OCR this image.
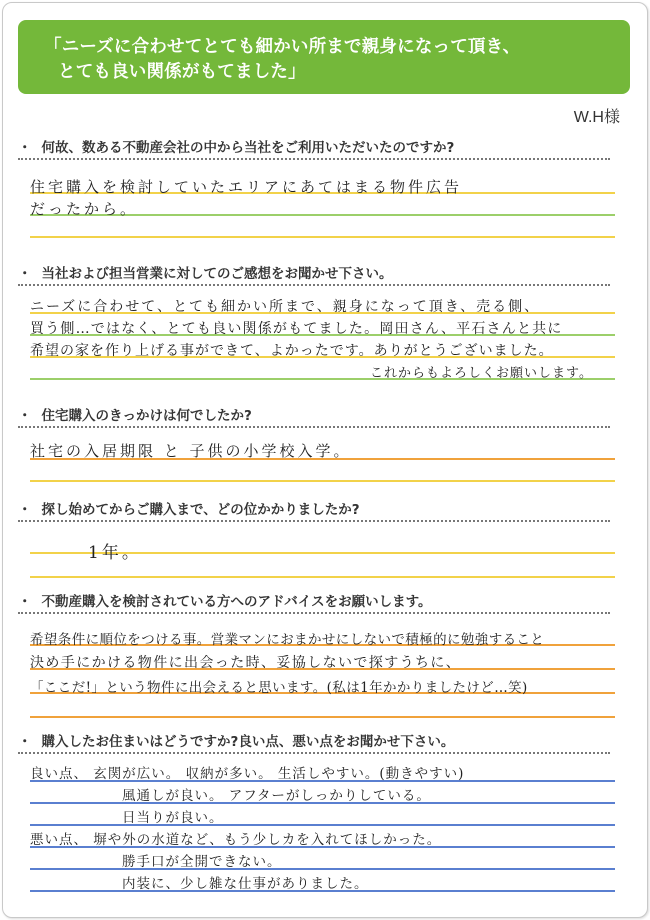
「ニーズに合わせてとても細かい所まで親身になって頂き、
とても良い関係がもてました」
W.H様
・ 何故、数ある不動産会社の中から当社をご利用いただいたのですか?
住宅購入を検討していたエリアにあてはまる物件広告
だったから。
・ 当社および担当営業に対してのご感想をお聞かせ下さい。
ニーズに合わせて、とても細かい所まで、親身になって頂き、売る側、
買う側…ではなく、とても良い関係がもてました。岡田さん、平石さんと共に
希望の家を作り上げる事ができて、よかったです。ありがとうございました。
これからもよろしくお願いします。
・ 住宅購入のきっかけは何でしたか?
社宅の入居期限 と 子供の小学校入学。
・ 探し始めてからご購入まで、どの位かかりましたか?
1年。
・ 不動産購入を検討されている方へのアドバイスをお願いします。
希望条件に順位をつける事。営業マンにおまかせにしないで積極的に勉強すること
決め手にかける物件に出会った時、妥協しないで探すうちに、
「ここだ!」という物件に出会えると思います。(私は1年かかりましたけど…笑)
・ 購入したお住まいはどうですか?良い点、悪い点をお聞かせ下さい。
良い点、 玄関が広い。 収納が多い。 生活しやすい。(動きやすい)
風通しが良い。 アフターがしっかりしている。
日当りが良い。
悪い点、 塀や外の水道など、もう少しカを入れてほしかった。
勝手口が全開できない。
内装に、少し雑な仕事がありました。
